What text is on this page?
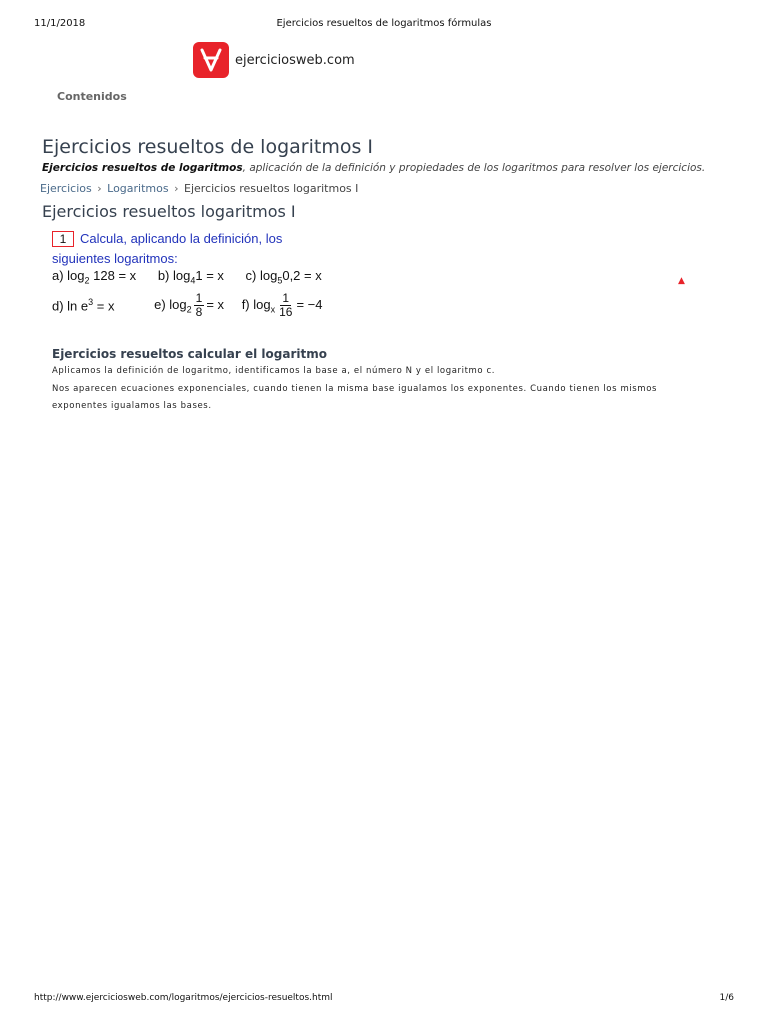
11/1/2018	Ejercicios resueltos de logaritmos fórmulas
ejerciciosweb.com
Contenidos
Ejercicios resueltos de logaritmos I
Ejercicios resueltos de logaritmos, aplicación de la definición y propiedades de los logaritmos para resolver los ejercicios.
Ejercicios › Logaritmos › Ejercicios resueltos logaritmos I
Ejercicios resueltos logaritmos I
1 Calcula, aplicando la definición, los
siguientes logaritmos:
a) $\log_2 128 = x$ b) $\log_41 = x$ c) $\log_50,2 = x$
d) $\ln e^3 = x$	e) $\log_2 \frac{1}{8} = x$ f) $\log_x \frac{1}{16} = -4$
▲
Ejercicios resueltos calcular el logaritmo
Aplicamos la definición de logaritmo, identificamos la base a, el número N y el logaritmo c.
Nos aparecen ecuaciones exponenciales, cuando tienen la misma base igualamos los exponentes. Cuando tienen los mismos exponentes igualamos las bases.
http://www.ejerciciosweb.com/logaritmos/ejercicios-resueltos.html	1/6
